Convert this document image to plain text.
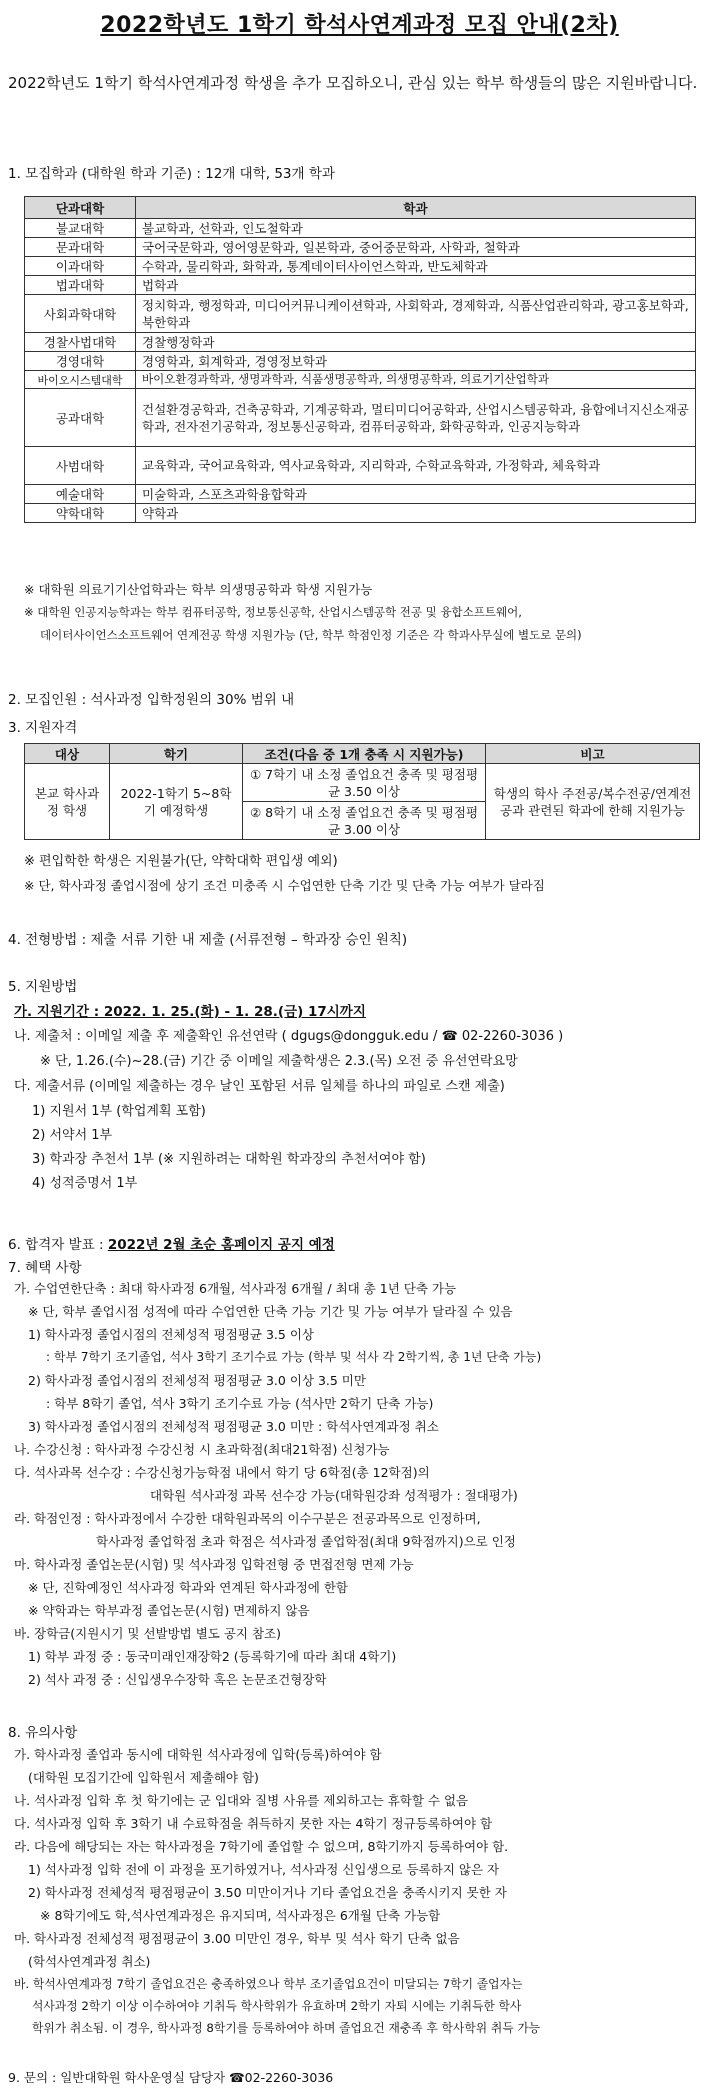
2022학년도 1학기 학석사연계과정 모집 안내(2차)
2022학년도 1학기 학석사연계과정 학생을 추가 모집하오니, 관심 있는 학부 학생들의 많은 지원바랍니다.
1. 모집학과 (대학원 학과 기준) : 12개 대학, 53개 학과
단과대학	학과
불교대학	불교학과, 선학과, 인도철학과
문과대학	국어국문학과, 영어영문학과, 일본학과, 중어중문학과, 사학과, 철학과
이과대학	수학과, 물리학과, 화학과, 통계데이터사이언스학과, 반도체학과
법과대학	법학과
사회과학대학	정치학과, 행정학과, 미디어커뮤니케이션학과, 사회학과, 경제학과, 식품산업관리학과, 광고홍보학과, 북한학과
경찰사법대학	경찰행정학과
경영대학	경영학과, 회계학과, 경영정보학과
바이오시스템대학	바이오환경과학과, 생명과학과, 식품생명공학과, 의생명공학과, 의료기기산업학과
공과대학	건설환경공학과, 건축공학과, 기계공학과, 멀티미디어공학과, 산업시스템공학과, 융합에너지신소재공학과, 전자전기공학과, 정보통신공학과, 컴퓨터공학과, 화학공학과, 인공지능학과
사범대학	교육학과, 국어교육학과, 역사교육학과, 지리학과, 수학교육학과, 가정학과, 체육학과
예술대학	미술학과, 스포츠과학융합학과
약학대학	약학과
※ 대학원 의료기기산업학과는 학부 의생명공학과 학생 지원가능
※ 대학원 인공지능학과는 학부 컴퓨터공학, 정보통신공학, 산업시스템공학 전공 및 융합소프트웨어,
데이터사이언스소프트웨어 연계전공 학생 지원가능 (단, 학부 학점인정 기준은 각 학과사무실에 별도로 문의)
2. 모집인원 : 석사과정 입학정원의 30% 범위 내
3. 지원자격
대상	학기	조건(다음 중 1개 충족 시 지원가능)	비고
본교 학사과정 학생	2022-1학기 5~8학기 예정학생	① 7학기 내 소정 졸업요건 충족 및 평점평균 3.50 이상	학생의 학사 주전공/복수전공/연계전공과 관련된 학과에 한해 지원가능
		② 8학기 내 소정 졸업요건 충족 및 평점평균 3.00 이상	
※ 편입학한 학생은 지원불가(단, 약학대학 편입생 예외)
※ 단, 학사과정 졸업시점에 상기 조건 미충족 시 수업연한 단축 기간 및 단축 가능 여부가 달라짐
4. 전형방법 : 제출 서류 기한 내 제출 (서류전형 – 학과장 승인 원칙)
5. 지원방법
가. 지원기간 : 2022. 1. 25.(화) - 1. 28.(금) 17시까지
나. 제출처 : 이메일 제출 후 제출확인 유선연락 ( dgugs@dongguk.edu / ☎ 02-2260-3036 )
※ 단, 1.26.(수)~28.(금) 기간 중 이메일 제출학생은 2.3.(목) 오전 중 유선연락요망
다. 제출서류 (이메일 제출하는 경우 날인 포함된 서류 일체를 하나의 파일로 스캔 제출)
1) 지원서 1부 (학업계획 포함)
2) 서약서 1부
3) 학과장 추천서 1부 (※ 지원하려는 대학원 학과장의 추천서여야 함)
4) 성적증명서 1부
6. 합격자 발표 : 2022년 2월 초순 홈페이지 공지 예정
7. 혜택 사항
가. 수업연한단축 : 최대 학사과정 6개월, 석사과정 6개월 / 최대 총 1년 단축 가능
※ 단, 학부 졸업시점 성적에 따라 수업연한 단축 가능 기간 및 가능 여부가 달라질 수 있음
1) 학사과정 졸업시점의 전체성적 평점평균 3.5 이상
: 학부 7학기 조기졸업, 석사 3학기 조기수료 가능 (학부 및 석사 각 2학기씩, 총 1년 단축 가능)
2) 학사과정 졸업시점의 전체성적 평점평균 3.0 이상 3.5 미만
: 학부 8학기 졸업, 석사 3학기 조기수료 가능 (석사만 2학기 단축 가능)
3) 학사과정 졸업시점의 전체성적 평점평균 3.0 미만 : 학석사연계과정 취소
나. 수강신청 : 학사과정 수강신청 시 초과학점(최대21학점) 신청가능
다. 석사과목 선수강 : 수강신청가능학점 내에서 학기 당 6학점(총 12학점)의
대학원 석사과정 과목 선수강 가능(대학원강좌 성적평가 : 절대평가)
라. 학점인정 : 학사과정에서 수강한 대학원과목의 이수구분은 전공과목으로 인정하며,
학사과정 졸업학점 초과 학점은 석사과정 졸업학점(최대 9학점까지)으로 인정
마. 학사과정 졸업논문(시험) 및 석사과정 입학전형 중 면접전형 면제 가능
※ 단, 진학예정인 석사과정 학과와 연계된 학사과정에 한함
※ 약학과는 학부과정 졸업논문(시험) 면제하지 않음
바. 장학금(지원시기 및 선발방법 별도 공지 참조)
1) 학부 과정 중 : 동국미래인재장학2 (등록학기에 따라 최대 4학기)
2) 석사 과정 중 : 신입생우수장학 혹은 논문조건형장학
8. 유의사항
가. 학사과정 졸업과 동시에 대학원 석사과정에 입학(등록)하여야 함
(대학원 모집기간에 입학원서 제출해야 함)
나. 석사과정 입학 후 첫 학기에는 군 입대와 질병 사유를 제외하고는 휴학할 수 없음
다. 석사과정 입학 후 3학기 내 수료학점을 취득하지 못한 자는 4학기 정규등록하여야 함
라. 다음에 해당되는 자는 학사과정을 7학기에 졸업할 수 없으며, 8학기까지 등록하여야 함.
1) 석사과정 입학 전에 이 과정을 포기하였거나, 석사과정 신입생으로 등록하지 않은 자
2) 학사과정 전체성적 평점평균이 3.50 미만이거나 기타 졸업요건을 충족시키지 못한 자
※ 8학기에도 학,석사연계과정은 유지되며, 석사과정은 6개월 단축 가능함
마. 학사과정 전체성적 평점평균이 3.00 미만인 경우, 학부 및 석사 학기 단축 없음
(학석사연계과정 취소)
바. 학석사연계과정 7학기 졸업요건은 충족하였으나 학부 조기졸업요건이 미달되는 7학기 졸업자는
석사과정 2학기 이상 이수하여야 기취득 학사학위가 유효하며 2학기 자퇴 시에는 기취득한 학사
학위가 취소됨. 이 경우, 학사과정 8학기를 등록하여야 하며 졸업요건 재충족 후 학사학위 취득 가능
9. 문의 : 일반대학원 학사운영실 담당자 ☎02-2260-3036
